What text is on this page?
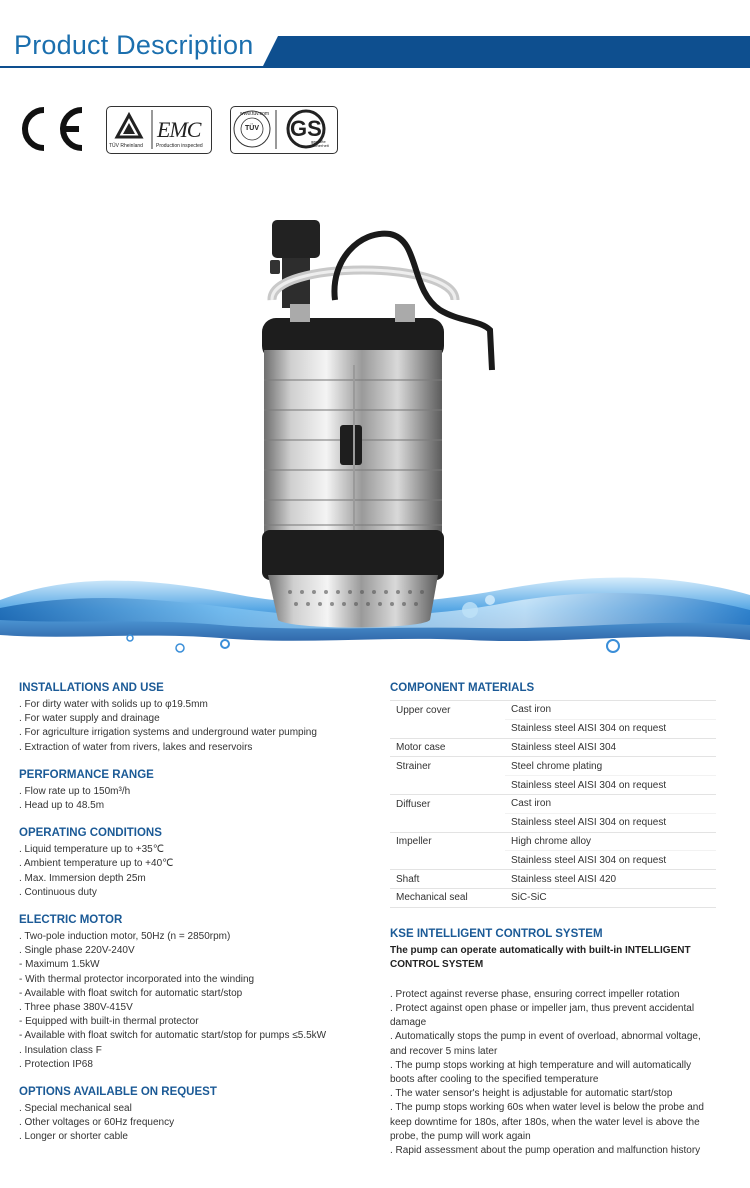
Product Description
TÜV Rheinland
EMC
Production inspected
www.tuv.com
TÜV GS
geprüfte Sicherheit
INSTALLATIONS AND USE
. For dirty water with solids up to φ19.5mm
. For water supply and drainage
. For agriculture irrigation systems and underground water pumping
. Extraction of water from rivers, lakes and reservoirs
PERFORMANCE RANGE
. Flow rate up to 150m³/h
. Head up to 48.5m
OPERATING CONDITIONS
. Liquid temperature up to +35℃
. Ambient temperature up to +40℃
. Max. Immersion depth 25m
. Continuous duty
ELECTRIC MOTOR
. Two-pole induction motor, 50Hz (n = 2850rpm)
. Single phase 220V-240V
- Maximum 1.5kW
- With thermal protector incorporated into the winding
- Available with float switch for automatic start/stop
. Three phase 380V-415V
- Equipped with built-in thermal protector
- Available with float switch for automatic start/stop for pumps ≤5.5kW
. Insulation class F
. Protection IP68
OPTIONS AVAILABLE ON REQUEST
. Special mechanical seal
. Other voltages or 60Hz frequency
. Longer or shorter cable
COMPONENT MATERIALS
Upper cover	Cast iron
	Stainless steel AISI 304 on request
Motor case	Stainless steel AISI 304
Strainer	Steel chrome plating
	Stainless steel AISI 304 on request
Diffuser	Cast iron
	Stainless steel AISI 304 on request
Impeller	High chrome alloy
	Stainless steel AISI 304 on request
Shaft	Stainless steel AISI 420
Mechanical seal	SiC-SiC
KSE INTELLIGENT CONTROL SYSTEM
The pump can operate automatically with built-in INTELLIGENT CONTROL SYSTEM
. Protect against reverse phase, ensuring correct impeller rotation
. Protect against open phase or impeller jam, thus prevent accidental damage
. Automatically stops the pump in event of overload, abnormal voltage, and recover 5 mins later
. The pump stops working at high temperature and will automatically boots after cooling to the specified temperature
. The water sensor's height is adjustable for automatic start/stop
. The pump stops working 60s when water level is below the probe and keep downtime for 180s, after 180s, when the water level is above the probe, the pump will work again
. Rapid assessment about the pump operation and malfunction history
